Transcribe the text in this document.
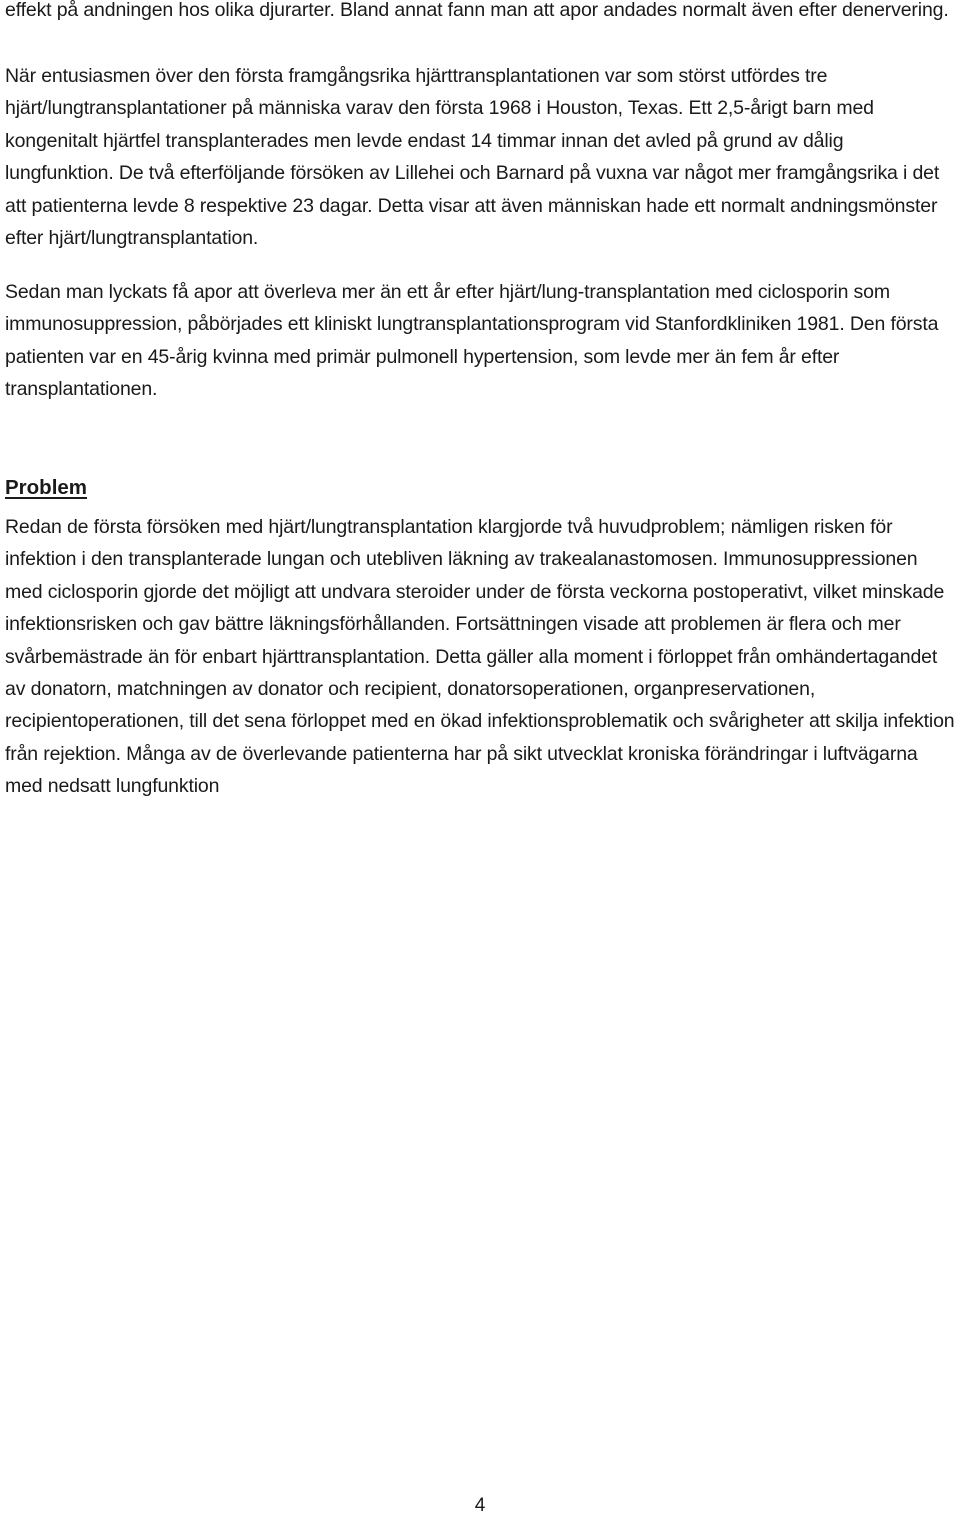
effekt på andningen hos olika djurarter. Bland annat fann man att apor andades normalt även efter denervering.

När entusiasmen över den första framgångsrika hjärttransplantationen var som störst utfördes tre hjärt/lungtransplantationer på människa varav den första 1968 i Houston, Texas. Ett 2,5-årigt barn med kongenitalt hjärtfel transplanterades men levde endast 14 timmar innan det avled på grund av dålig lungfunktion. De två efterföljande försöken av Lillehei och Barnard på vuxna var något mer framgångsrika i det att patienterna levde 8 respektive 23 dagar. Detta visar att även människan hade ett normalt andningsmönster efter hjärt/lungtransplantation.

Sedan man lyckats få apor att överleva mer än ett år efter hjärt/lung-transplantation med ciclosporin som immunosuppression, påbörjades ett kliniskt lungtransplantationsprogram vid Stanfordkliniken 1981. Den första patienten var en 45-årig kvinna med primär pulmonell hypertension, som levde mer än fem år efter transplantationen.

Problem

Redan de första försöken med hjärt/lungtransplantation klargjorde två huvudproblem; nämligen risken för infektion i den transplanterade lungan och utebliven läkning av trakealanastomosen. Immunosuppressionen med ciclosporin gjorde det möjligt att undvara steroider under de första veckorna postoperativt, vilket minskade infektionsrisken och gav bättre läkningsförhållanden. Fortsättningen visade att problemen är flera och mer svårbemästrade än för enbart hjärttransplantation. Detta gäller alla moment i förloppet från omhändertagandet av donatorn, matchningen av donator och recipient, donatorsoperationen, organpreservationen, recipientoperationen, till det sena förloppet med en ökad infektionsproblematik och svårigheter att skilja infektion från rejektion. Många av de överlevande patienterna har på sikt utvecklat kroniska förändringar i luftvägarna med nedsatt lungfunktion

4
